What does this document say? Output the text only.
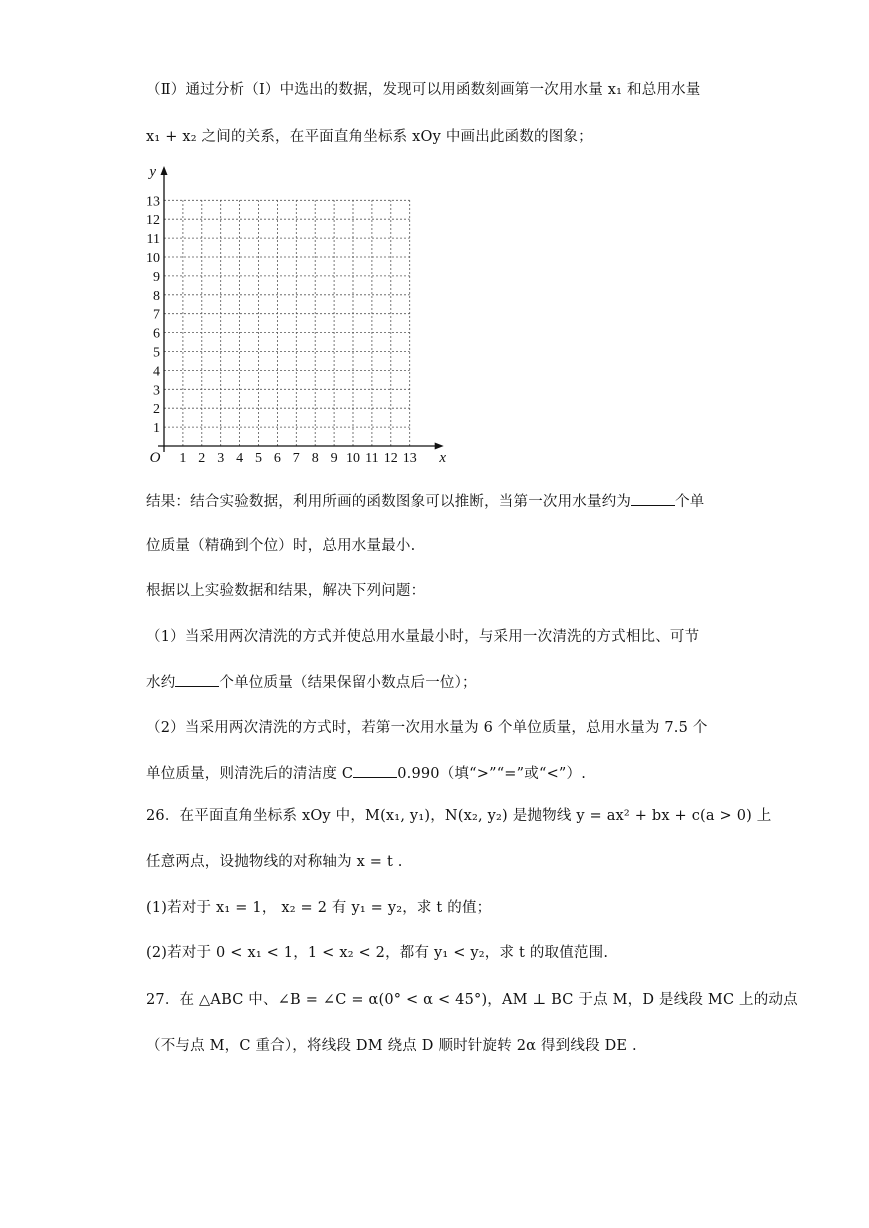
（Ⅱ）通过分析（Ⅰ）中选出的数据，发现可以用函数刻画第一次用水量 x₁ 和总用水量
x₁ + x₂ 之间的关系，在平面直角坐标系 xOy 中画出此函数的图象；
1 2 3 4 5 6 7 8 9 10 11 12 13
1
2
3
4
5
6
7
8
9
10
11
12
13
O	x
y
结果：结合实验数据，利用所画的函数图象可以推断，当第一次用水量约为	个单
位质量（精确到个位）时，总用水量最小.
根据以上实验数据和结果，解决下列问题：
（1）当采用两次清洗的方式并使总用水量最小时，与采用一次清洗的方式相比、可节
水约	个单位质量（结果保留小数点后一位）；
（2）当采用两次清洗的方式时，若第一次用水量为 6 个单位质量，总用水量为 7.5 个
单位质量，则清洗后的清洁度 C	0.990（填“>”“=”或“<”）.
26．在平面直角坐标系 xOy 中，M(x₁, y₁)，N(x₂, y₂) 是抛物线 y = ax² + bx + c(a > 0) 上
任意两点，设抛物线的对称轴为 x = t .
(1)若对于 x₁ = 1， x₂ = 2 有 y₁ = y₂，求 t 的值；
(2)若对于 0 < x₁ < 1，1 < x₂ < 2，都有 y₁ < y₂，求 t 的取值范围.
27．在 △ABC 中、∠B = ∠C = α(0° < α < 45°)，AM ⊥ BC 于点 M，D 是线段 MC 上的动点
（不与点 M，C 重合），将线段 DM 绕点 D 顺时针旋转 2α 得到线段 DE .
